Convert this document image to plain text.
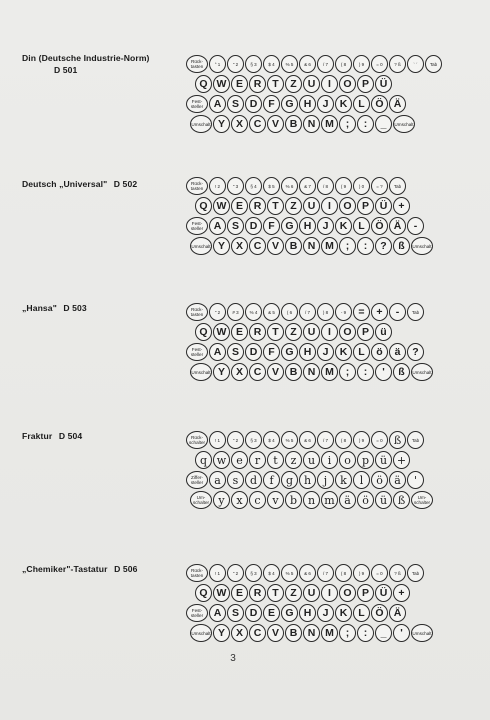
Din (Deutsche Industrie-Norm)
D 501
Rück-tasten	° 1	" 2	§ 3	$ 4	% 5	& 6	/ 7	( 8	) 9	= 0	? ß	` ´	Tab
Q W E	R	T	Z	U	I	O P	Ü
Fest-steller	A	S	D	F	G H	J	K	L	Ö Ä
Umschalt Y	X	C	V	B N M	;	:	_	Umschalt
Deutsch „Universal" D 502	Rück-tasten	! 2	" 3	§ 4	$ 5	% 6	& 7	/ 8	( 9	) 0	= ?	Tab
Q W E	R	T	Z	U	I	O P	Ü	+
Fest-steller	A	S	D	F	G H	J	K	L	Ö Ä	-
Umschalt Y	X	C	V	B N M	;	:	?	ß	Umschalt
„Hansa" D 503	Rück-tasten	" 2	# 3	% 4	& 5	( 6	/ 7	) 8	- 9	=	+	-	Tab
Q W E	R	T	Z	U	I	O P	ü
Fest-steller	A	S	D	F	G H	J	K	L	ö	ä	?
Umschalt Y	X	C	V	B N M	;	:	'	ß	Umschalt
Fraktur D 504	Rück-schalter	! 1	" 2	§ 3	$ 4	% 5	& 6	/ 7	( 8	) 9	= 0	ß	Tab
q w e	r	t	z	u	i	o	p ü +
Ziffer-steller	a	s	d	f	g h	j	k	l	ö	ä	'
Um-schalter y	x	c	v	b n m ä	ö	ü ß	Um-schalter
„Chemiker"-Tastatur D 506	Rück-tasten	! 1	" 2	§ 3	$ 4	% 5	& 6	/ 7	( 8	) 9	= 0	? ß	Tab
Q W E	R	T	Z	U	I	O P	Ü	+
Fest-steller	A	S	D	E G H	J	K	L	Ö Ä
Umschalt Y	X	C	V	B N M	;	:	_	'	Umschalt
3
